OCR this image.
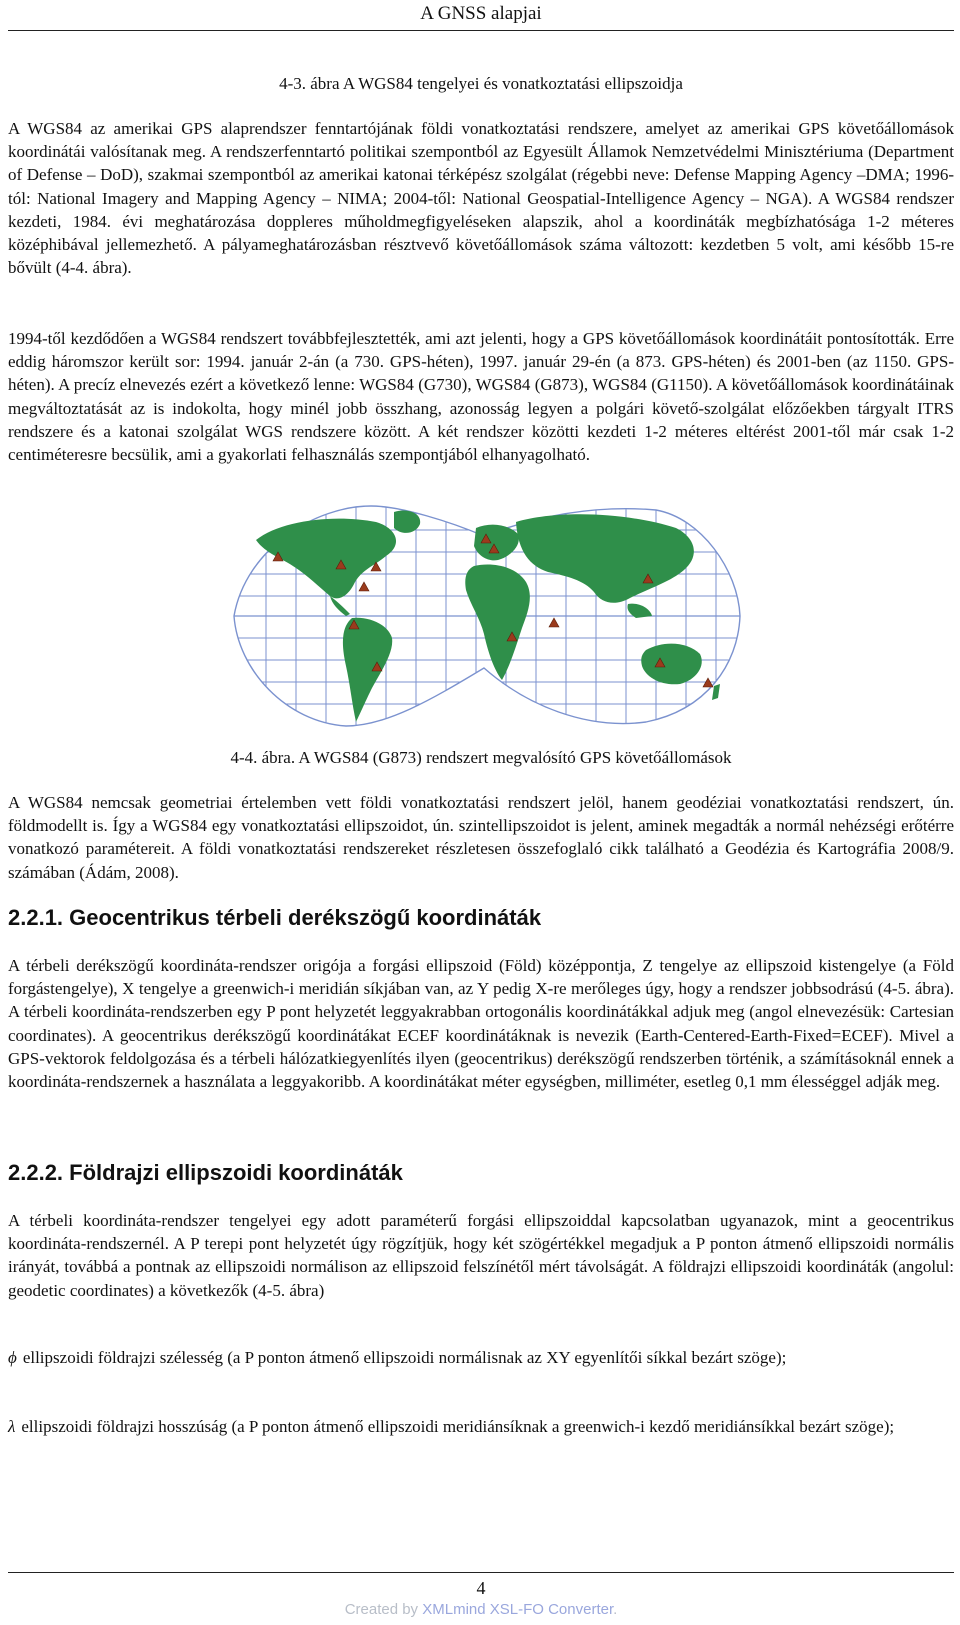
A GNSS alapjai
4-3. ábra A WGS84 tengelyei és vonatkoztatási ellipszoidja

A WGS84 az amerikai GPS alaprendszer fenntartójának földi vonatkoztatási rendszere, amelyet az amerikai GPS követőállomások koordinátái valósítanak meg. A rendszerfenntartó politikai szempontból az Egyesült Államok Nemzetvédelmi Minisztériuma (Department of Defense – DoD), szakmai szempontból az amerikai katonai térképész szolgálat (régebbi neve: Defense Mapping Agency –DMA; 1996-tól: National Imagery and Mapping Agency – NIMA; 2004-től: National Geospatial-Intelligence Agency – NGA). A WGS84 rendszer kezdeti, 1984. évi meghatározása doppleres műholdmegfigyeléseken alapszik, ahol a koordináták megbízhatósága 1-2 méteres középhibával jellemezhető. A pályameghatározásban résztvevő követőállomások száma változott: kezdetben 5 volt, ami később 15-re bővült (4-4. ábra).

1994-től kezdődően a WGS84 rendszert továbbfejlesztették, ami azt jelenti, hogy a GPS követőállomások koordinátáit pontosították. Erre eddig háromszor került sor: 1994. január 2-án (a 730. GPS-héten), 1997. január 29-én (a 873. GPS-héten) és 2001-ben (az 1150. GPS-héten). A precíz elnevezés ezért a következő lenne: WGS84 (G730), WGS84 (G873), WGS84 (G1150). A követőállomások koordinátáinak megváltoztatását az is indokolta, hogy minél jobb összhang, azonosság legyen a polgári követő-szolgálat előzőekben tárgyalt ITRS rendszere és a katonai szolgálat WGS rendszere között. A két rendszer közötti kezdeti 1-2 méteres eltérést 2001-től már csak 1-2 centiméteresre becsülik, ami a gyakorlati felhasználás szempontjából elhanyagolható.

4-4. ábra. A WGS84 (G873) rendszert megvalósító GPS követőállomások

A WGS84 nemcsak geometriai értelemben vett földi vonatkoztatási rendszert jelöl, hanem geodéziai vonatkoztatási rendszert, ún. földmodellt is. Így a WGS84 egy vonatkoztatási ellipszoidot, ún. szintellipszoidot is jelent, aminek megadták a normál nehézségi erőtérre vonatkozó paramétereit. A földi vonatkoztatási rendszereket részletesen összefoglaló cikk található a Geodézia és Kartográfia 2008/9. számában (Ádám, 2008).

2.2.1. Geocentrikus térbeli derékszögű koordináták

A térbeli derékszögű koordináta-rendszer origója a forgási ellipszoid (Föld) középpontja, Z tengelye az ellipszoid kistengelye (a Föld forgástengelye), X tengelye a greenwich-i meridián síkjában van, az Y pedig X-re merőleges úgy, hogy a rendszer jobbsodrású (4-5. ábra). A térbeli koordináta-rendszerben egy P pont helyzetét leggyakrabban ortogonális koordinátákkal adjuk meg (angol elnevezésük: Cartesian coordinates). A geocentrikus derékszögű koordinátákat ECEF koordinátáknak is nevezik (Earth-Centered-Earth-Fixed=ECEF). Mivel a GPS-vektorok feldolgozása és a térbeli hálózatkiegyenlítés ilyen (geocentrikus) derékszögű rendszerben történik, a számításoknál ennek a koordináta-rendszernek a használata a leggyakoribb. A koordinátákat méter egységben, milliméter, esetleg 0,1 mm élességgel adják meg.

2.2.2. Földrajzi ellipszoidi koordináták

A térbeli koordináta-rendszer tengelyei egy adott paraméterű forgási ellipszoiddal kapcsolatban ugyanazok, mint a geocentrikus koordináta-rendszernél. A P terepi pont helyzetét úgy rögzítjük, hogy két szögértékkel megadjuk a P ponton átmenő ellipszoidi normális irányát, továbbá a pontnak az ellipszoidi normálison az ellipszoid felszínétől mért távolságát. A földrajzi ellipszoidi koordináták (angolul: geodetic coordinates) a következők (4-5. ábra)

ϕ ellipszoidi földrajzi szélesség (a P ponton átmenő ellipszoidi normálisnak az XY egyenlítői síkkal bezárt szöge);

λ ellipszoidi földrajzi hosszúság (a P ponton átmenő ellipszoidi meridiánsíknak a greenwich-i kezdő meridiánsíkkal bezárt szöge);

4
Created by XMLmind XSL-FO Converter.
